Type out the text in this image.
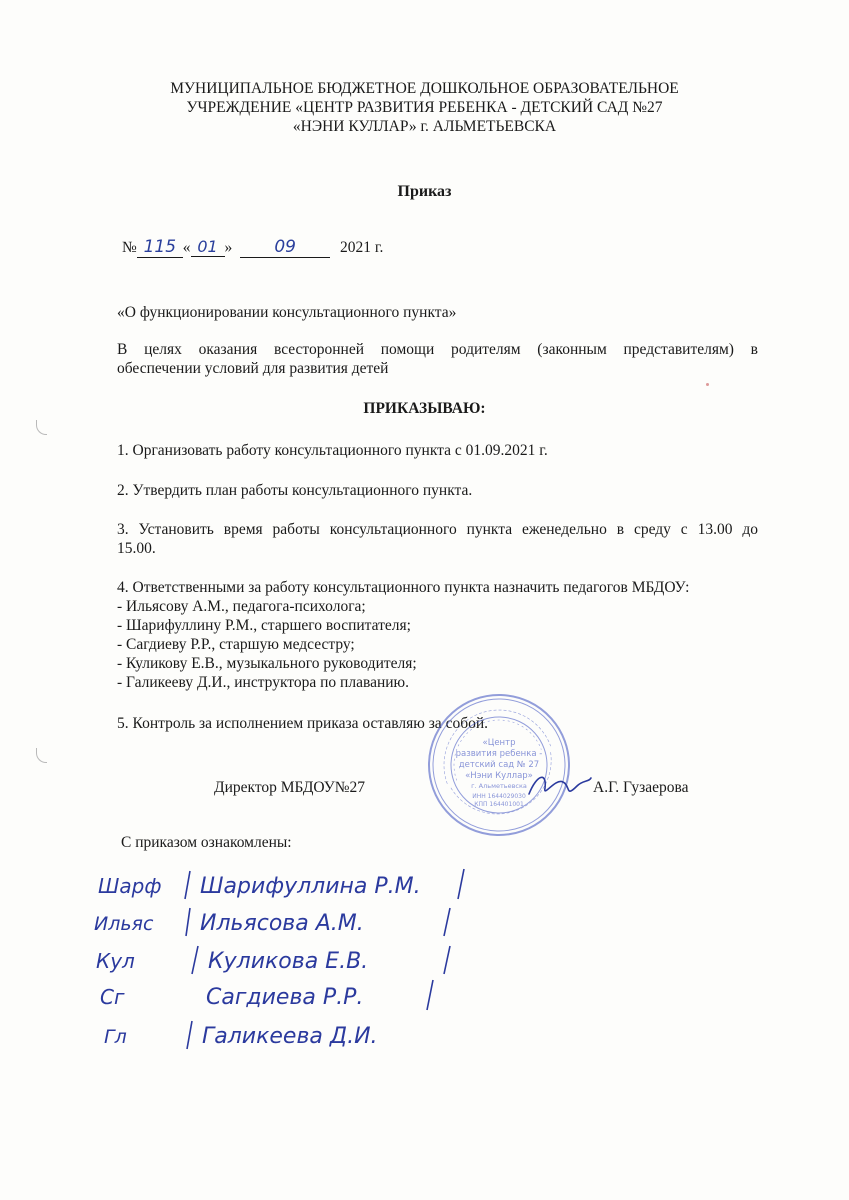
МУНИЦИПАЛЬНОЕ БЮДЖЕТНОЕ ДОШКОЛЬНОЕ ОБРАЗОВАТЕЛЬНОЕ
УЧРЕЖДЕНИЕ «ЦЕНТР РАЗВИТИЯ РЕБЕНКА - ДЕТСКИЙ САД №27
«НЭНИ КУЛЛАР» г. АЛЬМЕТЬЕВСКА
Приказ
№ 115 « 01 » 09	2021 г.
«О функционировании консультационного пункта»
В целях оказания всесторонней помощи родителям (законным представителям) в
обеспечении условий для развития детей
ПРИКАЗЫВАЮ:
1. Организовать работу консультационного пункта с 01.09.2021 г.
2. Утвердить план работы консультационного пункта.
3. Установить время работы консультационного пункта еженедельно в среду с 13.00 до
15.00.
4. Ответственными за работу консультационного пункта назначить педагогов МБДОУ:
- Ильясову А.М., педагога-психолога;
- Шарифуллину Р.М., старшего воспитателя;
- Сагдиеву Р.Р., старшую медсестру;
- Куликову Е.В., музыкального руководителя;
- Галикееву Д.И., инструктора по плаванию.
5. Контроль за исполнением приказа оставляю за собой.
Директор МБДОУ№27	А.Г. Гузаерова
«Центр
развития ребенка -
детский сад № 27
«Нэни Куллар»
г. Альметьевска
ИНН 1644029030
КПП 164401001
С приказом ознакомлены:
Шарф Шарифуллина Р.М.
Ильяс Ильясова А.М.
Кул	Куликова Е.В.
Сг	Сагдиева Р.Р.
Гл	Галикеева Д.И.
